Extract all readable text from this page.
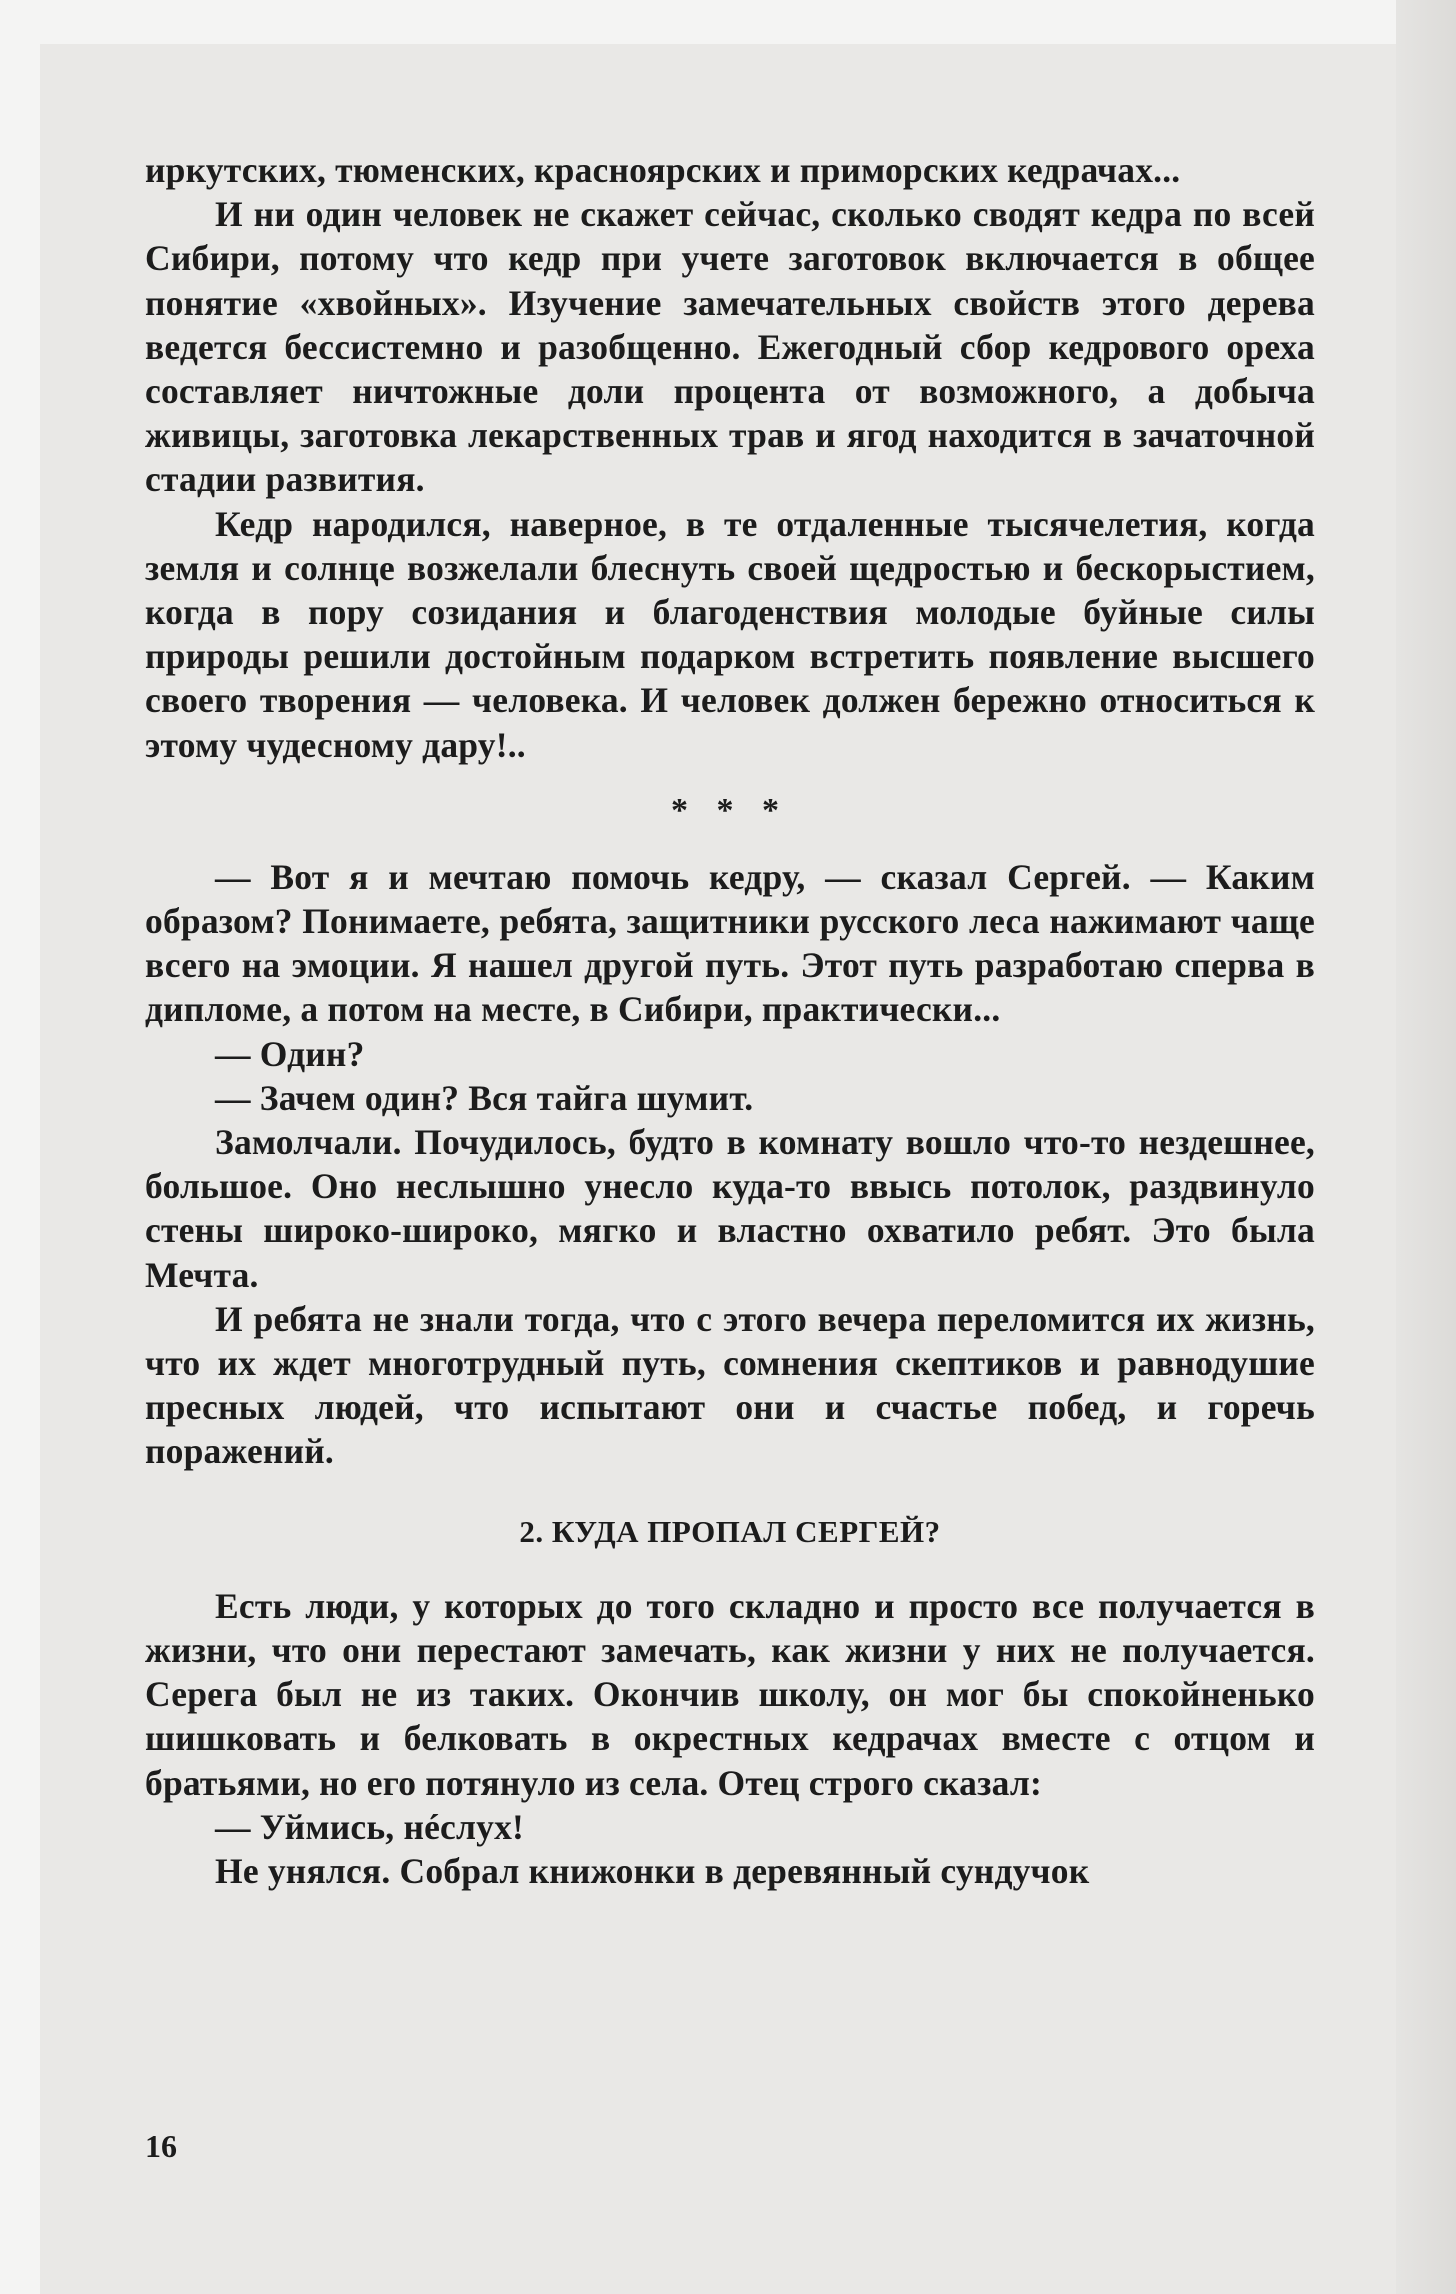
иркутских, тюменских, красноярских и приморских кедрачах...

И ни один человек не скажет сейчас, сколько сводят кедра по всей Сибири, потому что кедр при учете заготовок включается в общее понятие «хвойных». Изучение замечательных свойств этого дерева ведется бессистемно и разобщенно. Ежегодный сбор кедрового ореха составляет ничтожные доли процента от возможного, а добыча живицы, заготовка лекарственных трав и ягод находится в зачаточной стадии развития.

Кедр народился, наверное, в те отдаленные тысячелетия, когда земля и солнце возжелали блеснуть своей щедростью и бескорыстием, когда в пору созидания и благоденствия молодые буйные силы природы решили достойным подарком встретить появление высшего своего творения — человека. И человек должен бережно относиться к этому чудесному дару!..

* * *

— Вот я и мечтаю помочь кедру, — сказал Сергей. — Каким образом? Понимаете, ребята, защитники русского леса нажимают чаще всего на эмоции. Я нашел другой путь. Этот путь разработаю сперва в дипломе, а потом на месте, в Сибири, практически...

— Один?

— Зачем один? Вся тайга шумит.

Замолчали. Почудилось, будто в комнату вошло что-то нездешнее, большое. Оно неслышно унесло куда-то ввысь потолок, раздвинуло стены широко-широко, мягко и властно охватило ребят. Это была Мечта.

И ребята не знали тогда, что с этого вечера переломится их жизнь, что их ждет многотрудный путь, сомнения скептиков и равнодушие пресных людей, что испытают они и счастье побед, и горечь поражений.

2. КУДА ПРОПАЛ СЕРГЕЙ?

Есть люди, у которых до того складно и просто все получается в жизни, что они перестают замечать, как жизни у них не получается. Серега был не из таких. Окончив школу, он мог бы спокойненько шишковать и белковать в окрестных кедрачах вместе с отцом и братьями, но его потянуло из села. Отец строго сказал:

— Уймись, нéслух!

Не унялся. Собрал книжонки в деревянный сундучок

16
